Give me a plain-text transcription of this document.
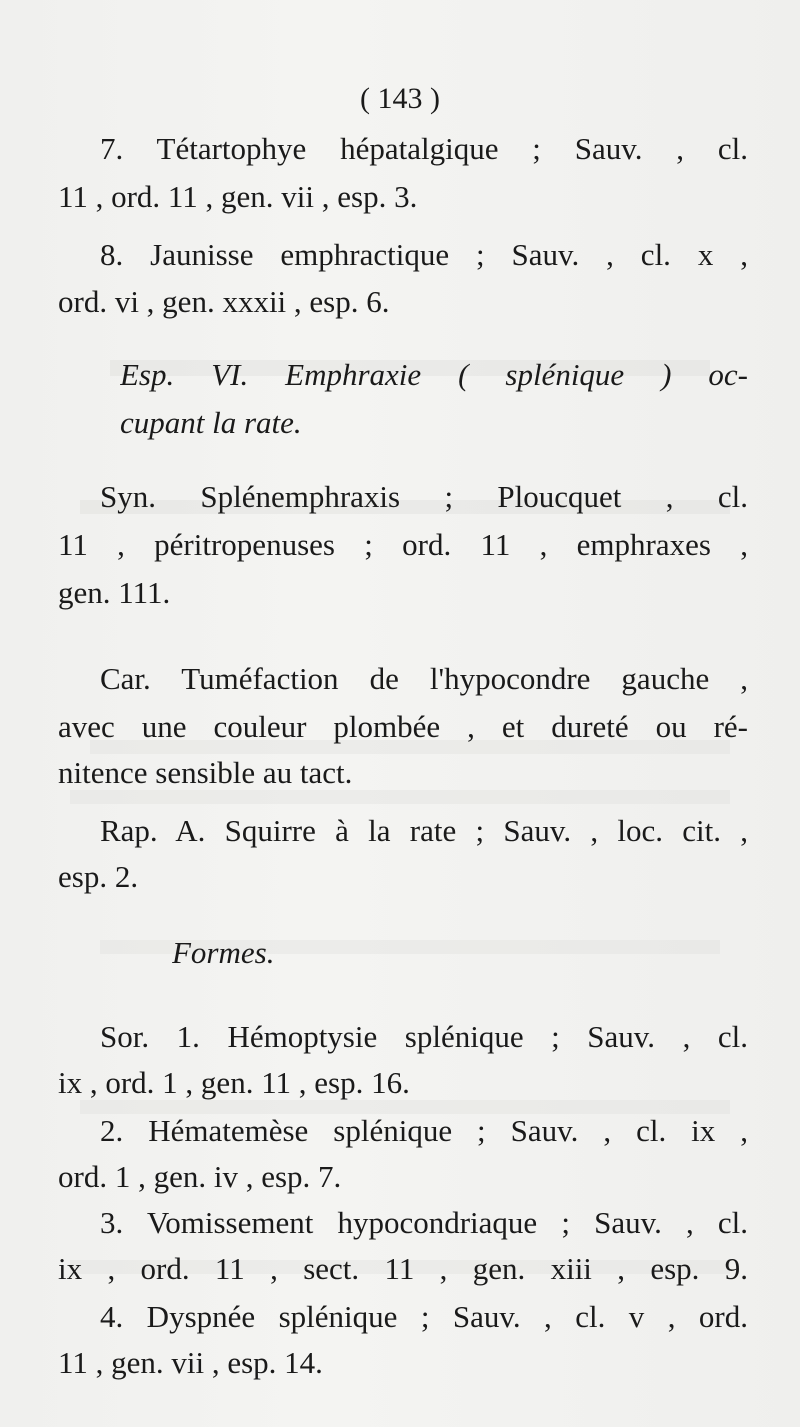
( 143 )
7. Tétartophye hépatalgique ; Sauv. , cl.
11 , ord. 11 , gen. vii , esp. 3.
8. Jaunisse emphractique ; Sauv. , cl. x ,
ord. vi , gen. xxxii , esp. 6.
Esp. VI. Emphraxie ( splénique ) oc-
cupant la rate.
Syn. Splénemphraxis ; Ploucquet , cl.
11 , péritropenuses ; ord. 11 , emphraxes ,
gen. 111.
Car. Tuméfaction de l'hypocondre gauche ,
avec une couleur plombée , et dureté ou ré-
nitence sensible au tact.
Rap. A. Squirre à la rate ; Sauv. , loc. cit. ,
esp. 2.
Formes.
Sor. 1. Hémoptysie splénique ; Sauv. , cl.
ix , ord. 1 , gen. 11 , esp. 16.
2. Hématemèse splénique ; Sauv. , cl. ix ,
ord. 1 , gen. iv , esp. 7.
3. Vomissement hypocondriaque ; Sauv. , cl.
ix , ord. 11 , sect. 11 , gen. xiii , esp. 9.
4. Dyspnée splénique ; Sauv. , cl. v , ord.
11 , gen. vii , esp. 14.
